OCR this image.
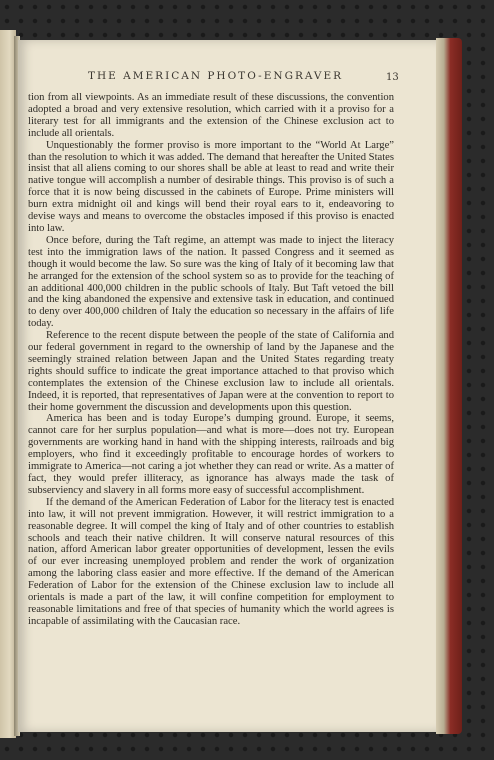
THE AMERICAN PHOTO-ENGRAVER	13

tion from all viewpoints. As an immediate result of these discussions, the convention adopted a broad and very extensive resolution, which carried with it a proviso for a literary test for all immigrants and the extension of the Chinese exclusion act to include all orientals.

Unquestionably the former proviso is more important to the “World At Large” than the resolution to which it was added. The demand that hereafter the United States insist that all aliens coming to our shores shall be able at least to read and write their native tongue will accomplish a number of desirable things. This proviso is of such a force that it is now being discussed in the cabinets of Europe. Prime ministers will burn extra midnight oil and kings will bend their royal ears to it, endeavoring to devise ways and means to overcome the obstacles imposed if this proviso is enacted into law.

Once before, during the Taft regime, an attempt was made to inject the literacy test into the immigration laws of the nation. It passed Congress and it seemed as though it would become the law. So sure was the king of Italy of it becoming law that he arranged for the extension of the school system so as to provide for the teaching of an additional 400,000 children in the public schools of Italy. But Taft vetoed the bill and the king abandoned the expensive and extensive task in education, and continued to deny over 400,000 children of Italy the education so necessary in the affairs of life today.

Reference to the recent dispute between the people of the state of California and our federal government in regard to the ownership of land by the Japanese and the seemingly strained relation between Japan and the United States regarding treaty rights should suffice to indicate the great importance attached to that proviso which contemplates the extension of the Chinese exclusion law to include all orientals. Indeed, it is reported, that representatives of Japan were at the convention to report to their home government the discussion and developments upon this question.

America has been and is today Europe’s dumping ground. Europe, it seems, cannot care for her surplus population—and what is more—does not try. European governments are working hand in hand with the shipping interests, railroads and big employers, who find it exceedingly profitable to encourage hordes of workers to immigrate to America—not caring a jot whether they can read or write. As a matter of fact, they would prefer illiteracy, as ignorance has always made the task of subserviency and slavery in all forms more easy of successful accomplishment.

If the demand of the American Federation of Labor for the literacy test is enacted into law, it will not prevent immigration. However, it will restrict immigration to a reasonable degree. It will compel the king of Italy and of other countries to establish schools and teach their native children. It will conserve natural resources of this nation, afford American labor greater opportunities of development, lessen the evils of our ever increasing unemployed problem and render the work of organization among the laboring class easier and more effective. If the demand of the American Federation of Labor for the extension of the Chinese exclusion law to include all orientals is made a part of the law, it will confine competition for employment to reasonable limitations and free of that species of humanity which the world agrees is incapable of assimilating with the Caucasian race.
